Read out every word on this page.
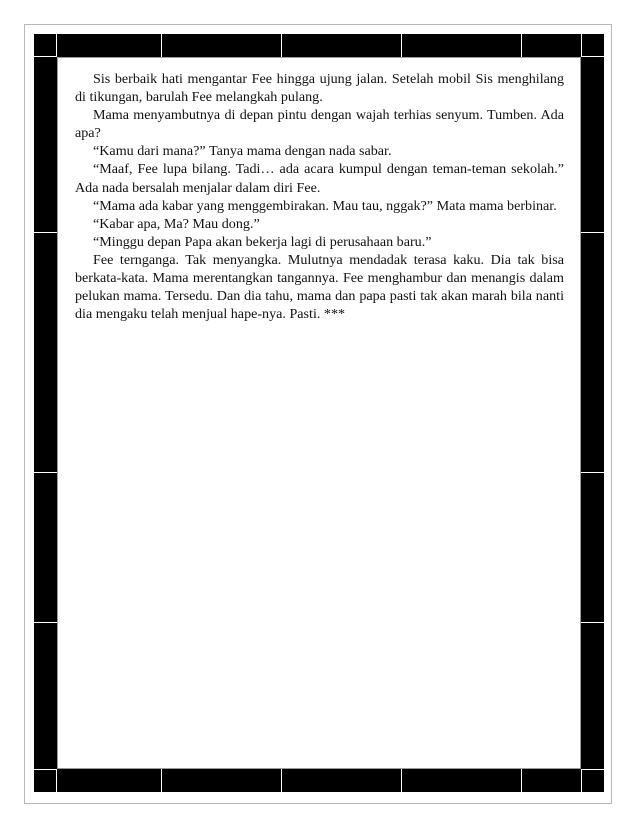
Sis berbaik hati mengantar Fee hingga ujung jalan. Setelah mobil Sis menghilang di tikungan, barulah Fee melangkah pulang.

Mama menyambutnya di depan pintu dengan wajah terhias senyum. Tumben. Ada apa?

“Kamu dari mana?” Tanya mama dengan nada sabar.

“Maaf, Fee lupa bilang. Tadi… ada acara kumpul dengan teman-teman sekolah.” Ada nada bersalah menjalar dalam diri Fee.

“Mama ada kabar yang menggembirakan. Mau tau, nggak?” Mata mama berbinar.

“Kabar apa, Ma? Mau dong.”

“Minggu depan Papa akan bekerja lagi di perusahaan baru.”

Fee ternganga. Tak menyangka. Mulutnya mendadak terasa kaku. Dia tak bisa berkata-kata. Mama merentangkan tangannya. Fee menghambur dan menangis dalam pelukan mama. Tersedu. Dan dia tahu, mama dan papa pasti tak akan marah bila nanti dia mengaku telah menjual hape-nya. Pasti. ***
